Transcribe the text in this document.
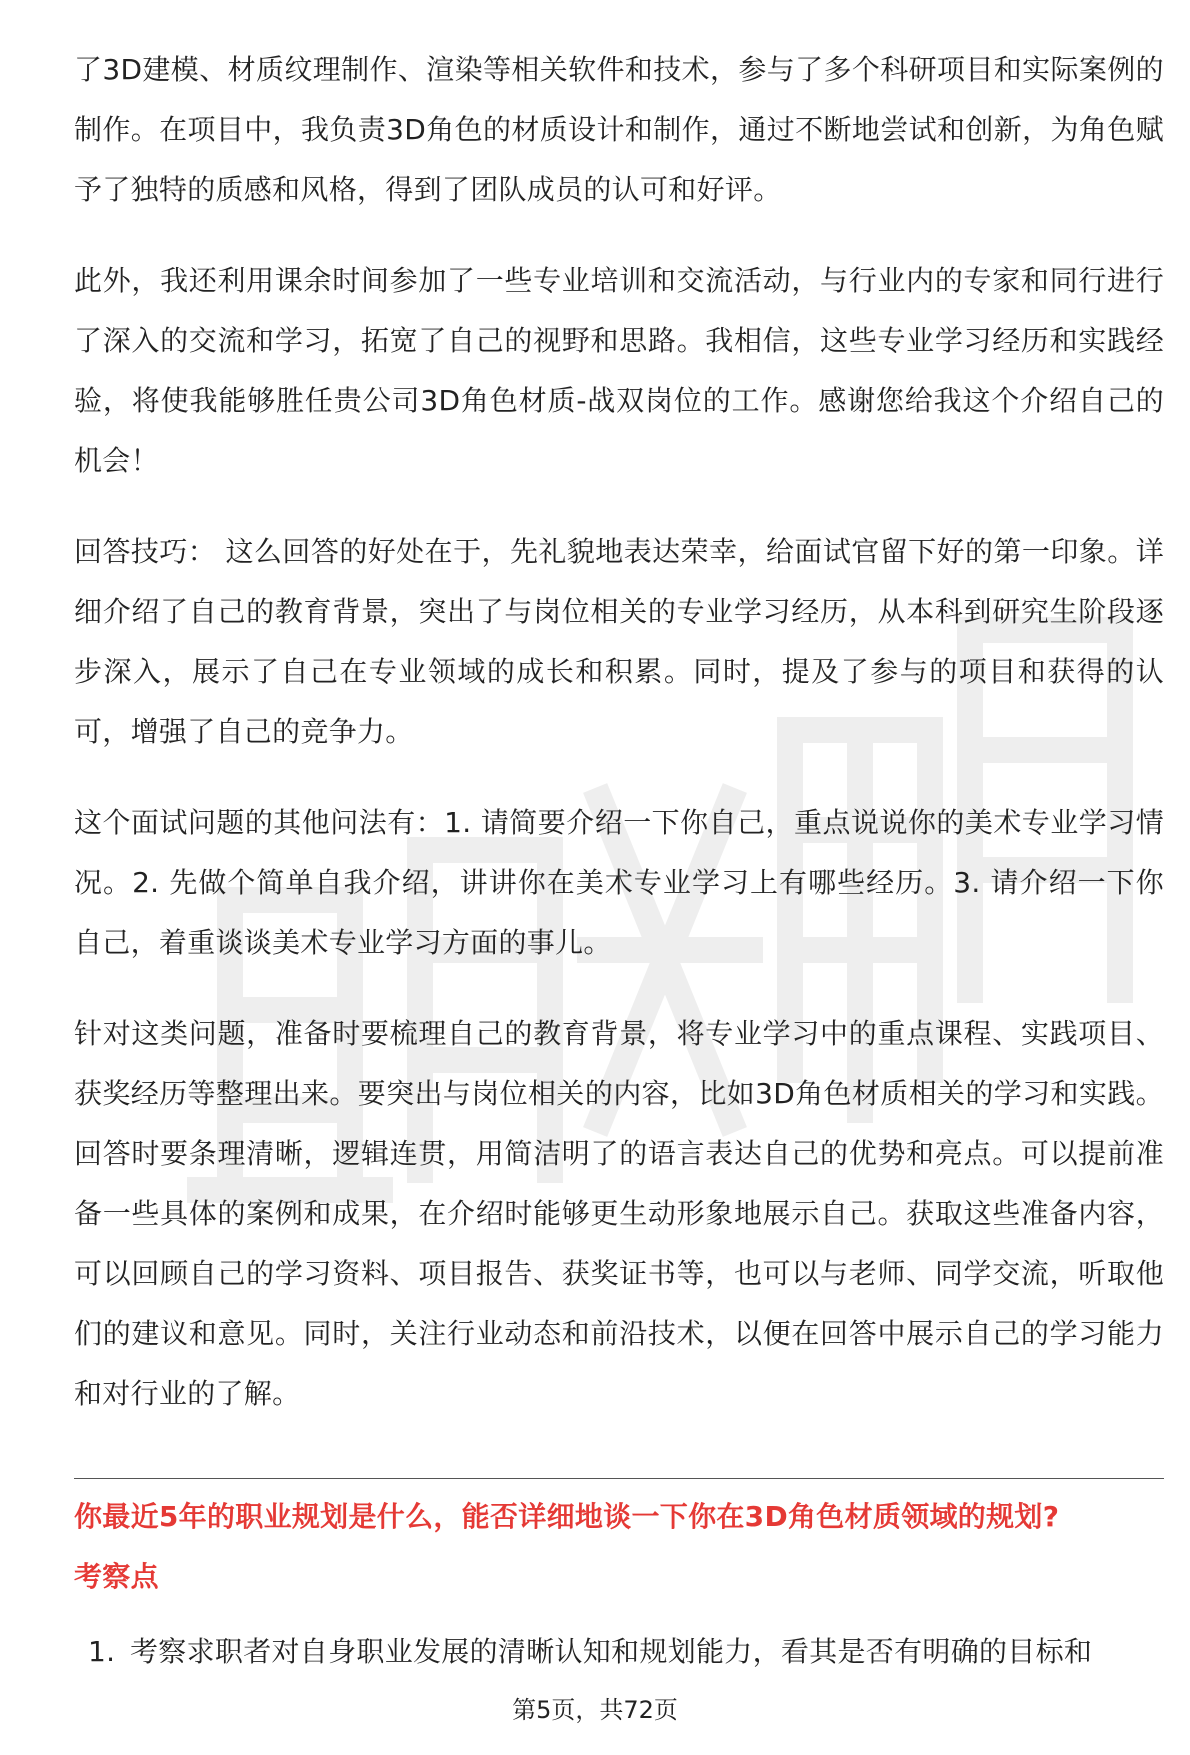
了3D建模、材质纹理制作、渲染等相关软件和技术，参与了多个科研项目和实际案例的制作。在项目中，我负责3D角色的材质设计和制作，通过不断地尝试和创新，为角色赋予了独特的质感和风格，得到了团队成员的认可和好评。

此外，我还利用课余时间参加了一些专业培训和交流活动，与行业内的专家和同行进行了深入的交流和学习，拓宽了自己的视野和思路。我相信，这些专业学习经历和实践经验，将使我能够胜任贵公司3D角色材质-战双岗位的工作。感谢您给我这个介绍自己的机会！

回答技巧： 这么回答的好处在于，先礼貌地表达荣幸，给面试官留下好的第一印象。详细介绍了自己的教育背景，突出了与岗位相关的专业学习经历，从本科到研究生阶段逐步深入，展示了自己在专业领域的成长和积累。同时，提及了参与的项目和获得的认可，增强了自己的竞争力。

这个面试问题的其他问法有：1. 请简要介绍一下你自己，重点说说你的美术专业学习情况。2. 先做个简单自我介绍，讲讲你在美术专业学习上有哪些经历。3. 请介绍一下你自己，着重谈谈美术专业学习方面的事儿。

针对这类问题，准备时要梳理自己的教育背景，将专业学习中的重点课程、实践项目、获奖经历等整理出来。要突出与岗位相关的内容，比如3D角色材质相关的学习和实践。回答时要条理清晰，逻辑连贯，用简洁明了的语言表达自己的优势和亮点。可以提前准备一些具体的案例和成果，在介绍时能够更生动形象地展示自己。获取这些准备内容，可以回顾自己的学习资料、项目报告、获奖证书等，也可以与老师、同学交流，听取他们的建议和意见。同时，关注行业动态和前沿技术，以便在回答中展示自己的学习能力和对行业的了解。

你最近5年的职业规划是什么，能否详细地谈一下你在3D角色材质领域的规划?
考察点
1. 考察求职者对自身职业发展的清晰认知和规划能力，看其是否有明确的目标和
第5页，共72页
